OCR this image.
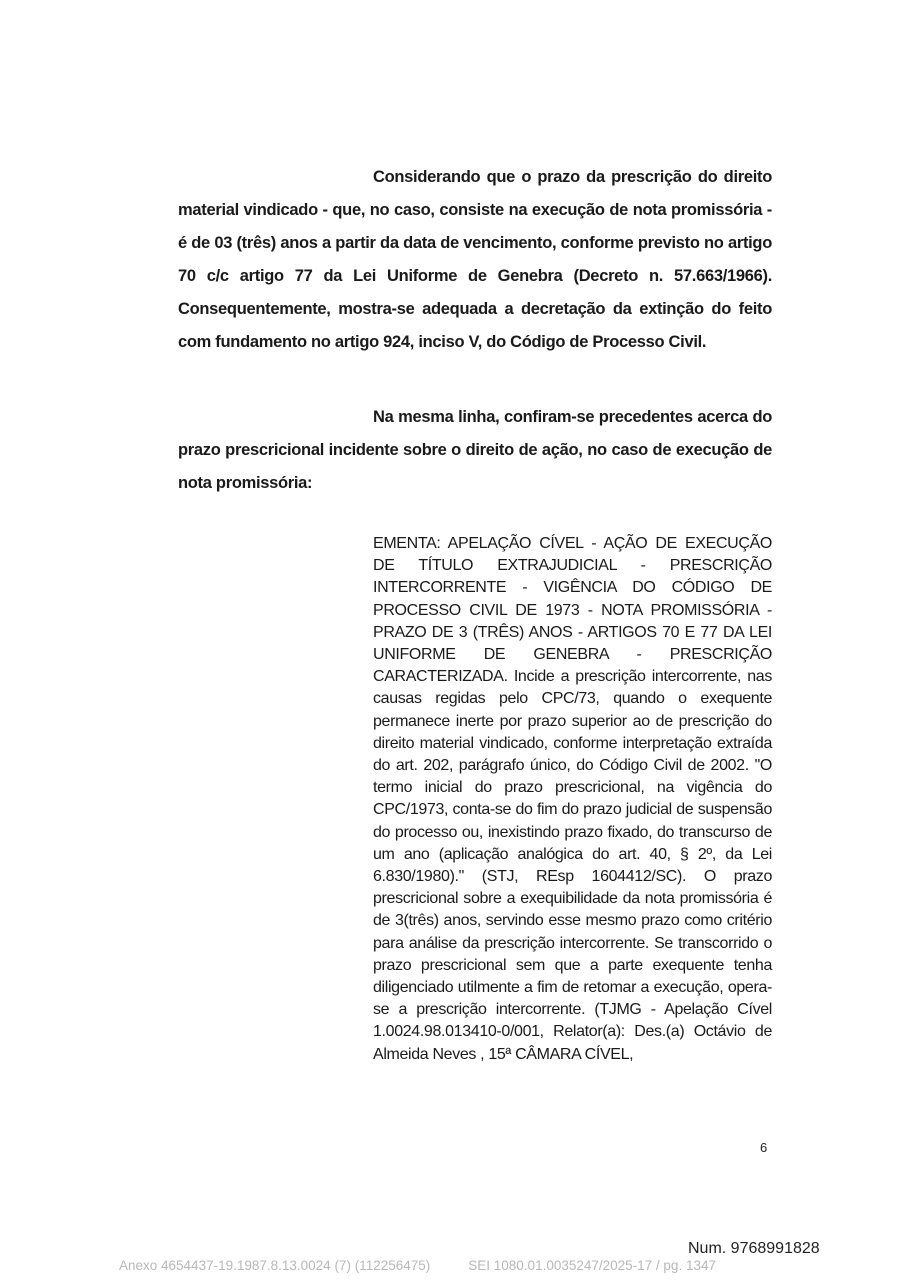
Considerando que o prazo da prescrição do direito material vindicado - que, no caso, consiste na execução de nota promissória - é de 03 (três) anos a partir da data de vencimento, conforme previsto no artigo 70 c/c artigo 77 da Lei Uniforme de Genebra (Decreto n. 57.663/1966). Consequentemente, mostra-se adequada a decretação da extinção do feito com fundamento no artigo 924, inciso V, do Código de Processo Civil.

Na mesma linha, confiram-se precedentes acerca do prazo prescricional incidente sobre o direito de ação, no caso de execução de nota promissória:

EMENTA: APELAÇÃO CÍVEL - AÇÃO DE EXECUÇÃO DE TÍTULO EXTRAJUDICIAL - PRESCRIÇÃO INTERCORRENTE - VIGÊNCIA DO CÓDIGO DE PROCESSO CIVIL DE 1973 - NOTA PROMISSÓRIA - PRAZO DE 3 (TRÊS) ANOS - ARTIGOS 70 E 77 DA LEI UNIFORME DE GENEBRA - PRESCRIÇÃO CARACTERIZADA. Incide a prescrição intercorrente, nas causas regidas pelo CPC/73, quando o exequente permanece inerte por prazo superior ao de prescrição do direito material vindicado, conforme interpretação extraída do art. 202, parágrafo único, do Código Civil de 2002. "O termo inicial do prazo prescricional, na vigência do CPC/1973, conta-se do fim do prazo judicial de suspensão do processo ou, inexistindo prazo fixado, do transcurso de um ano (aplicação analógica do art. 40, § 2º, da Lei 6.830/1980)." (STJ, REsp 1604412/SC). O prazo prescricional sobre a exequibilidade da nota promissória é de 3(três) anos, servindo esse mesmo prazo como critério para análise da prescrição intercorrente. Se transcorrido o prazo prescricional sem que a parte exequente tenha diligenciado utilmente a fim de retomar a execução, opera-se a prescrição intercorrente. (TJMG - Apelação Cível 1.0024.98.013410-0/001, Relator(a): Des.(a) Octávio de Almeida Neves , 15ª CÂMARA CÍVEL,

6
Num. 9768991828
Anexo 4654437-19.1987.8.13.0024 (7) (112256475)	SEI 1080.01.0035247/2025-17 / pg. 1347
